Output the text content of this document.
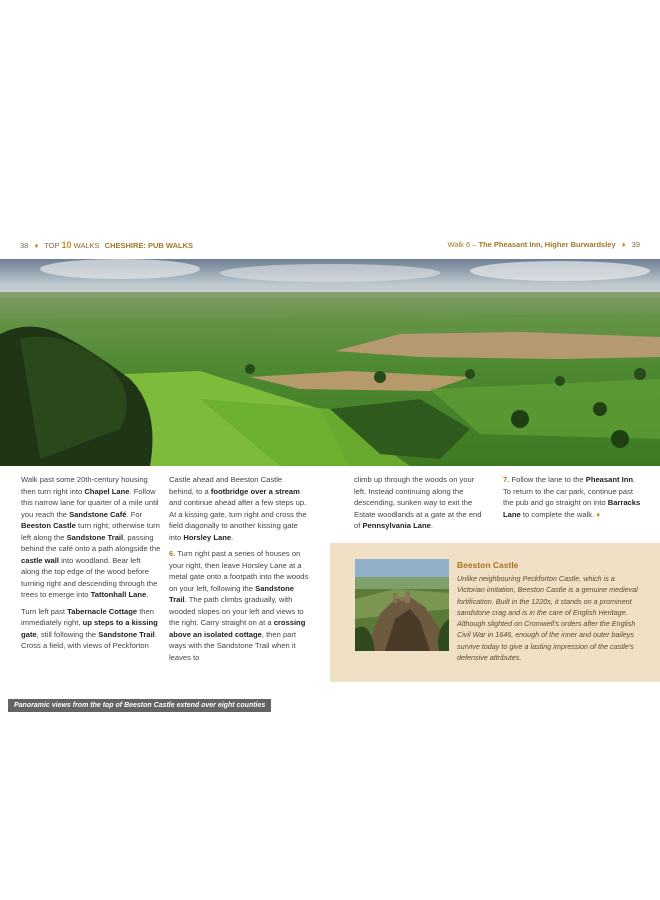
38 ♦ TOP 10 WALKS CHESHIRE: PUB WALKS	Walk 6 – The Pheasant Inn, Higher Burwardsley ♦ 39
Panoramic views from the top of Beeston Castle extend over eight counties

Walk past some 20th-century housing then turn right into Chapel Lane. Follow this narrow lane for quarter of a mile until you reach the Sandstone Café. For Beeston Castle turn right; otherwise turn left along the Sandstone Trail, passing behind the café onto a path alongside the castle wall into woodland. Bear left along the top edge of the wood before turning right and descending through the trees to emerge into Tattonhall Lane.

Turn left past Tabernacle Cottage then immediately right, up steps to a kissing gate, still following the Sandstone Trail. Cross a field, with views of Peckforton

Castle ahead and Beeston Castle behind, to a footbridge over a stream and continue ahead after a few steps up. At a kissing gate, turn right and cross the field diagonally to another kissing gate into Horsley Lane.

6. Turn right past a series of houses on your right, then leave Horsley Lane at a metal gate onto a footpath into the woods on your left, following the Sandstone Trail. The path climbs gradually, with wooded slopes on your left and views to the right. Carry straight on at a crossing above an isolated cottage, then part ways with the Sandstone Trail when it leaves to

climb up through the woods on your left. Instead continuing along the descending, sunken way to exit the Estate woodlands at a gate at the end of Pennsylvania Lane.

7. Follow the lane to the Pheasant Inn. To return to the car park, continue past the pub and go straight on into Barracks Lane to complete the walk. ♦

Beeston Castle
Unlike neighbouring Peckforton Castle, which is a Victorian imitation, Beeston Castle is a genuine medieval fortification. Built in the 1220s, it stands on a prominent sandstone crag and is in the care of English Heritage. Although slighted on Cromwell's orders after the English Civil War in 1646, enough of the inner and outer baileys survive today to give a lasting impression of the castle's defensive attributes.
